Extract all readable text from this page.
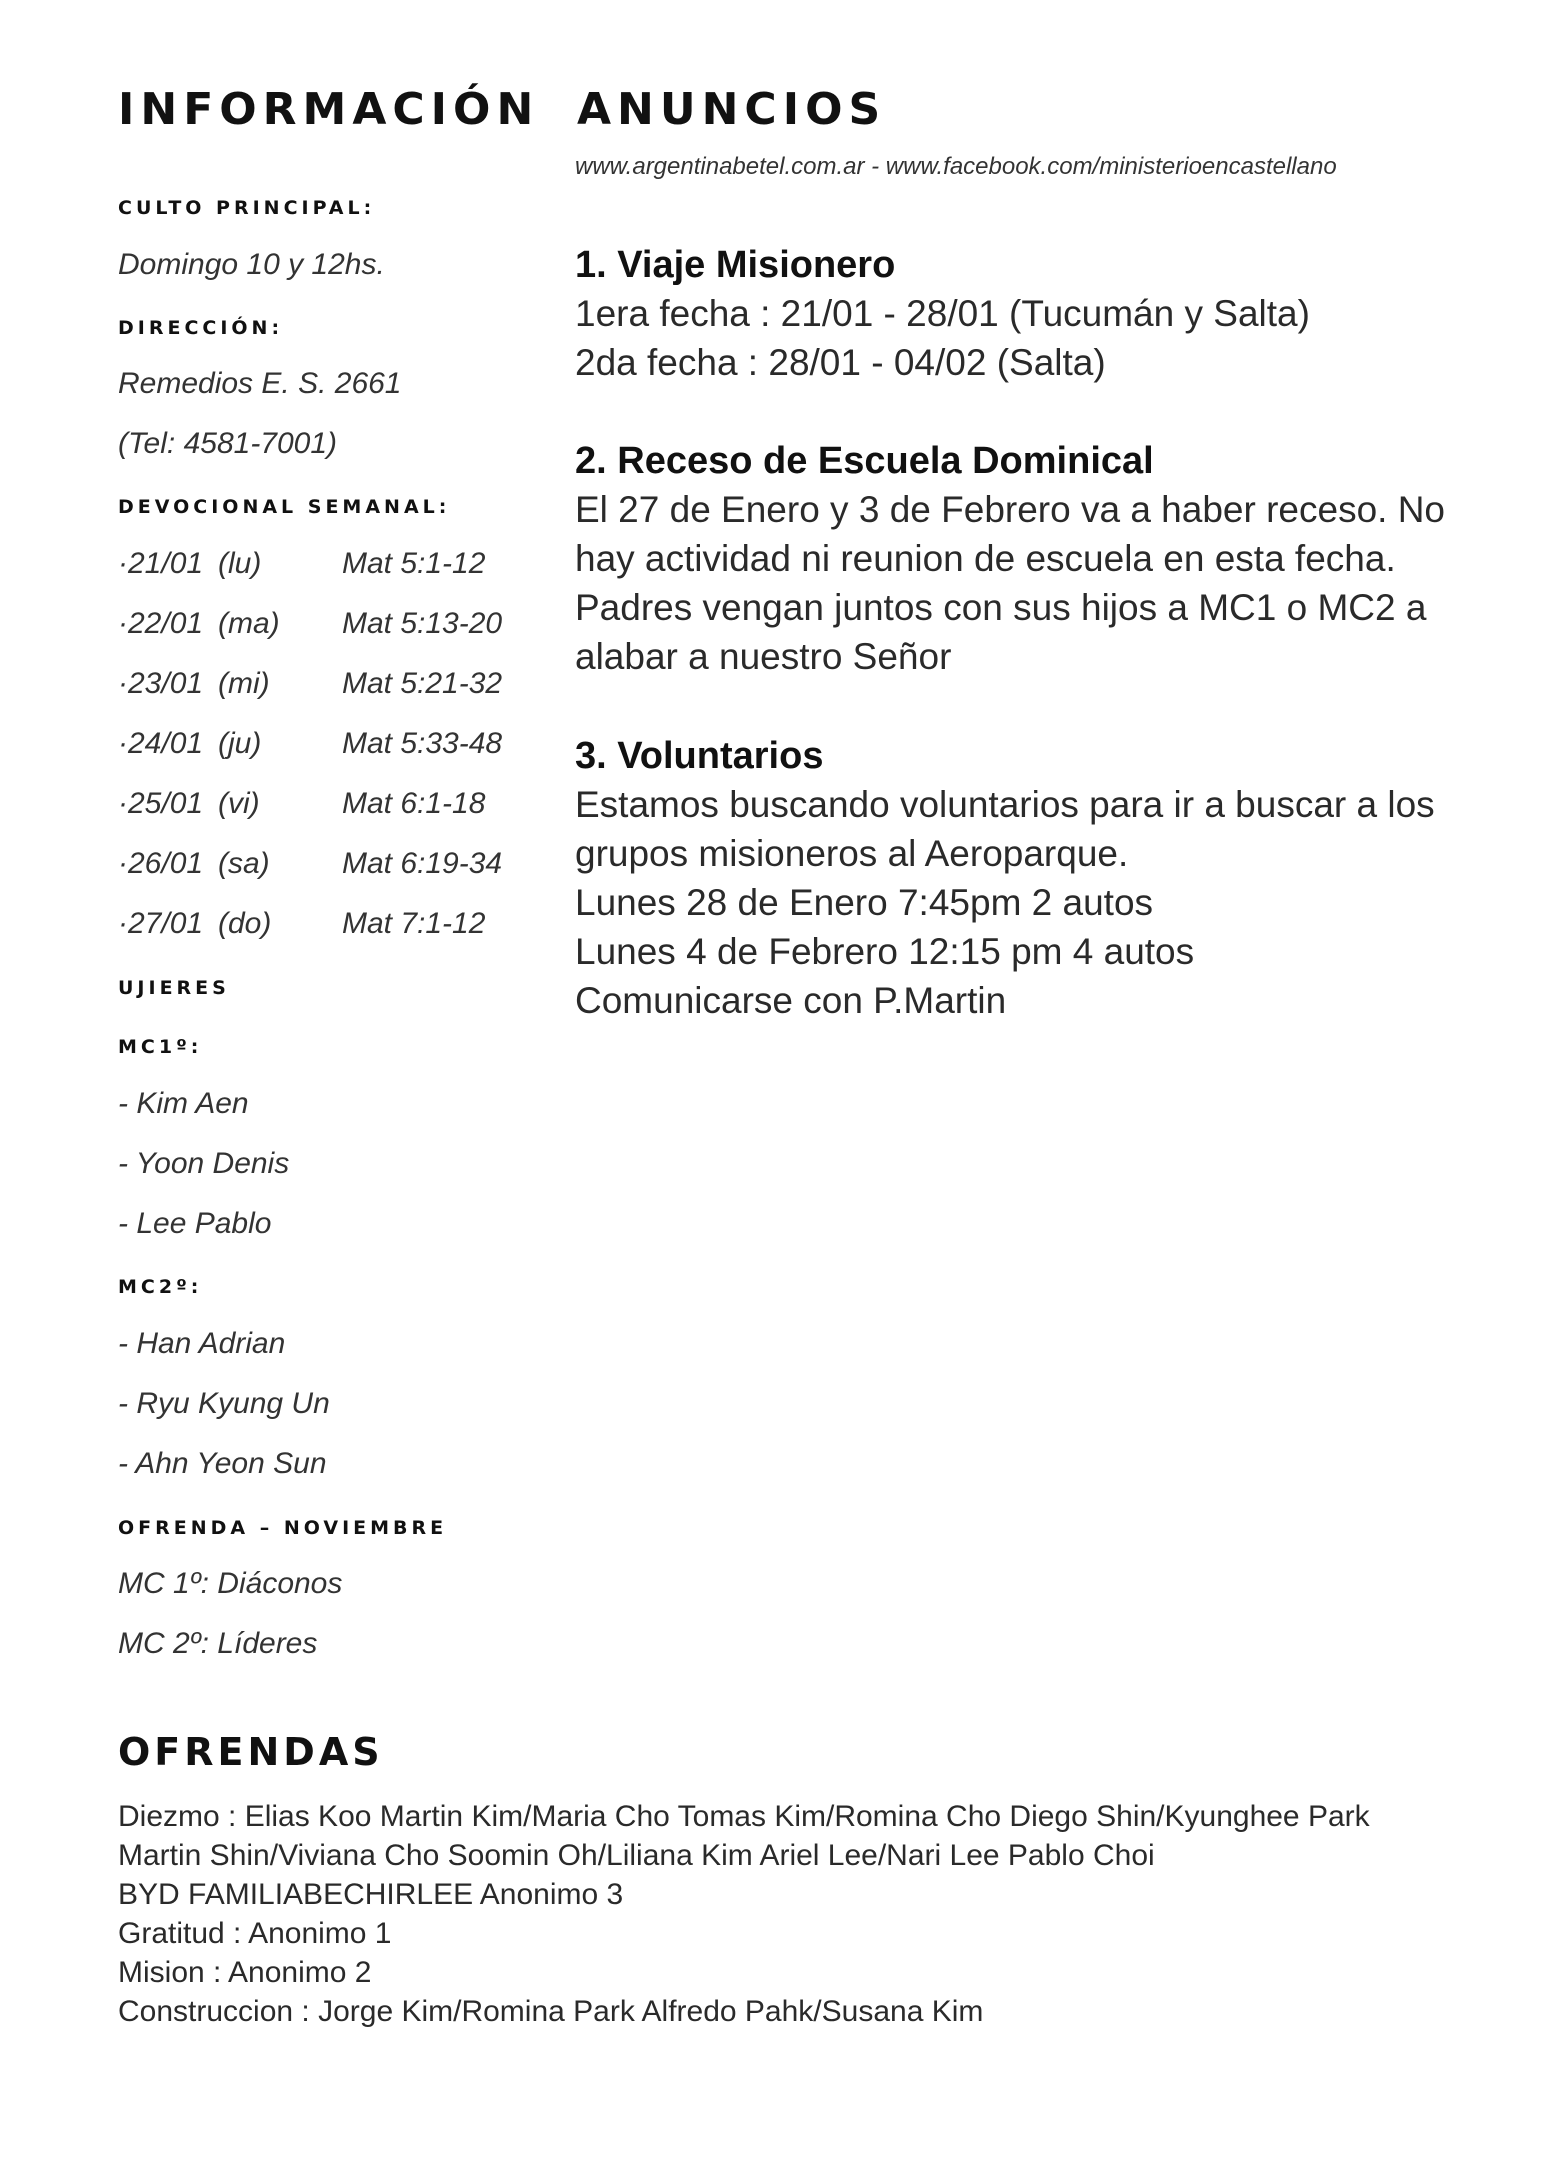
INFORMACIÓN
CULTO PRINCIPAL:
Domingo 10 y 12hs.
DIRECCIÓN:
Remedios E. S. 2661
(Tel: 4581-7001)
DEVOCIONAL SEMANAL:
·21/01 (lu)	Mat 5:1-12
·22/01 (ma) Mat 5:13-20
·23/01 (mi) Mat 5:21-32
·24/01 (ju)	Mat 5:33-48
·25/01 (vi)	Mat 6:1-18
·26/01 (sa) Mat 6:19-34
·27/01 (do) Mat 7:1-12
UJIERES
MC1º:
- Kim Aen
- Yoon Denis
- Lee Pablo
MC2º:
- Han Adrian
- Ryu Kyung Un
- Ahn Yeon Sun
OFRENDA – NOVIEMBRE
MC 1º: Diáconos
MC 2º: Líderes
ANUNCIOS
www.argentinabetel.com.ar - www.facebook.com/ministerioencastellano
1. Viaje Misionero
1era fecha : 21/01 - 28/01 (Tucumán y Salta)
2da fecha : 28/01 - 04/02 (Salta)
2. Receso de Escuela Dominical
El 27 de Enero y 3 de Febrero va a haber receso. No
hay actividad ni reunion de escuela en esta fecha.
Padres vengan juntos con sus hijos a MC1 o MC2 a
alabar a nuestro Señor
3. Voluntarios
Estamos buscando voluntarios para ir a buscar a los
grupos misioneros al Aeroparque.
Lunes 28 de Enero 7:45pm 2 autos
Lunes 4 de Febrero 12:15 pm 4 autos
Comunicarse con P.Martin
OFRENDAS
Diezmo : Elias Koo Martin Kim/Maria Cho Tomas Kim/Romina Cho Diego Shin/Kyunghee Park
Martin Shin/Viviana Cho Soomin Oh/Liliana Kim Ariel Lee/Nari Lee Pablo Choi
BYD FAMILIABECHIRLEE Anonimo 3
Gratitud : Anonimo 1
Mision : Anonimo 2
Construccion : Jorge Kim/Romina Park Alfredo Pahk/Susana Kim
